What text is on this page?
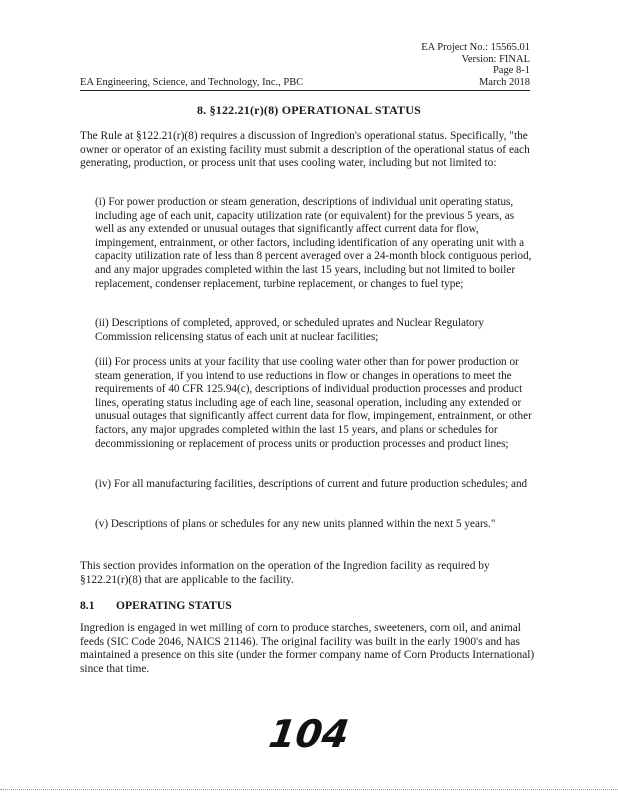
EA Project No.: 15565.01
Version: FINAL
Page 8-1
EA Engineering, Science, and Technology, Inc., PBC	March 2018
8. §122.21(r)(8) OPERATIONAL STATUS
The Rule at §122.21(r)(8) requires a discussion of Ingredion's operational status. Specifically, "the owner or operator of an existing facility must submit a description of the operational status of each generating, production, or process unit that uses cooling water, including but not limited to:
(i) For power production or steam generation, descriptions of individual unit operating status, including age of each unit, capacity utilization rate (or equivalent) for the previous 5 years, as well as any extended or unusual outages that significantly affect current data for flow, impingement, entrainment, or other factors, including identification of any operating unit with a capacity utilization rate of less than 8 percent averaged over a 24-month block contiguous period, and any major upgrades completed within the last 15 years, including but not limited to boiler replacement, condenser replacement, turbine replacement, or changes to fuel type;
(ii) Descriptions of completed, approved, or scheduled uprates and Nuclear Regulatory Commission relicensing status of each unit at nuclear facilities;
(iii) For process units at your facility that use cooling water other than for power production or steam generation, if you intend to use reductions in flow or changes in operations to meet the requirements of 40 CFR 125.94(c), descriptions of individual production processes and product lines, operating status including age of each line, seasonal operation, including any extended or unusual outages that significantly affect current data for flow, impingement, entrainment, or other factors, any major upgrades completed within the last 15 years, and plans or schedules for decommissioning or replacement of process units or production processes and product lines;
(iv) For all manufacturing facilities, descriptions of current and future production schedules; and
(v) Descriptions of plans or schedules for any new units planned within the next 5 years."
This section provides information on the operation of the Ingredion facility as required by §122.21(r)(8) that are applicable to the facility.
8.1 OPERATING STATUS
Ingredion is engaged in wet milling of corn to produce starches, sweeteners, corn oil, and animal feeds (SIC Code 2046, NAICS 21146). The original facility was built in the early 1900's and has maintained a presence on this site (under the former company name of Corn Products International) since that time.
104
